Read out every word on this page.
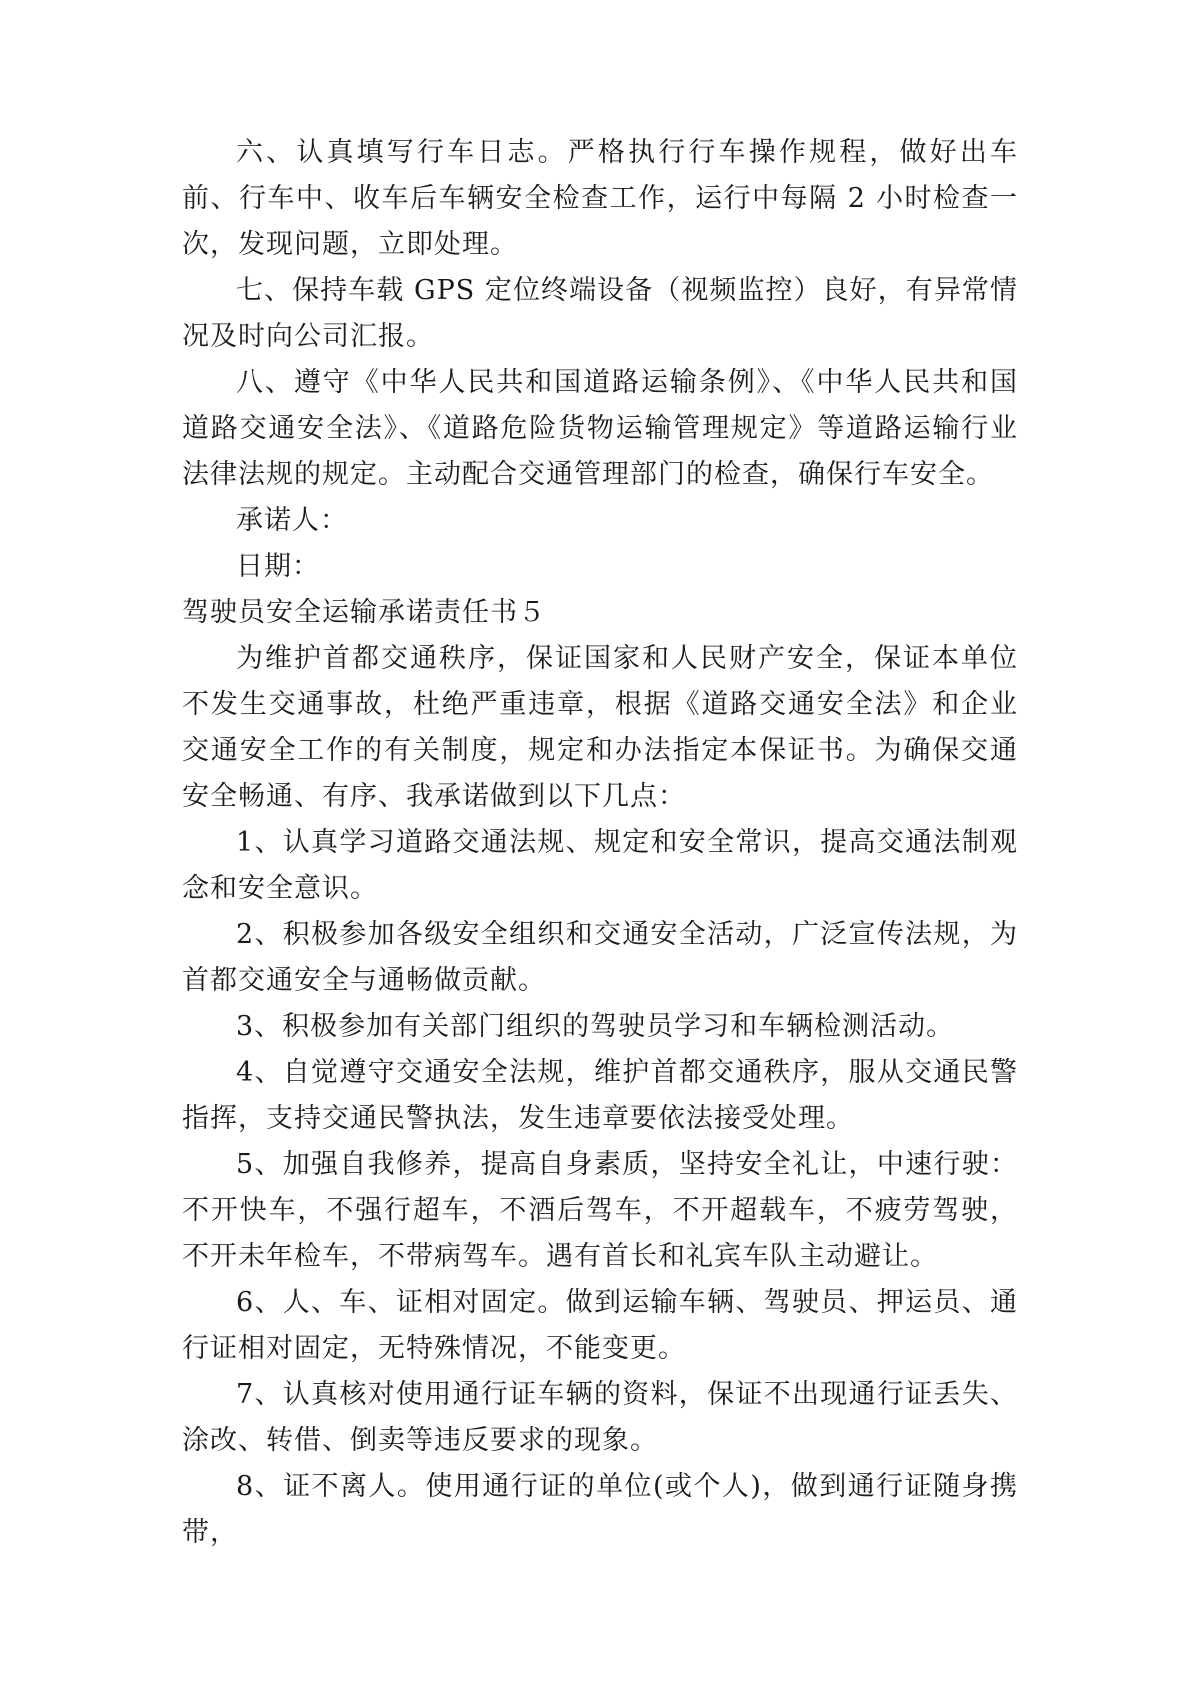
六、认真填写行车日志。严格执行行车操作规程，做好出车前、行车中、收车后车辆安全检查工作，运行中每隔 2 小时检查一次，发现问题，立即处理。

七、保持车载 GPS 定位终端设备（视频监控）良好，有异常情况及时向公司汇报。

八、遵守《中华人民共和国道路运输条例》、《中华人民共和国道路交通安全法》、《道路危险货物运输管理规定》等道路运输行业法律法规的规定。主动配合交通管理部门的检查，确保行车安全。

承诺人：

日期：

驾驶员安全运输承诺责任书５

为维护首都交通秩序，保证国家和人民财产安全，保证本单位不发生交通事故，杜绝严重违章，根据《道路交通安全法》和企业交通安全工作的有关制度，规定和办法指定本保证书。为确保交通安全畅通、有序、我承诺做到以下几点：

1、认真学习道路交通法规、规定和安全常识，提高交通法制观念和安全意识。

2、积极参加各级安全组织和交通安全活动，广泛宣传法规，为首都交通安全与通畅做贡献。

3、积极参加有关部门组织的驾驶员学习和车辆检测活动。

4、自觉遵守交通安全法规，维护首都交通秩序，服从交通民警指挥，支持交通民警执法，发生违章要依法接受处理。

5、加强自我修养，提高自身素质，坚持安全礼让，中速行驶：不开快车，不强行超车，不酒后驾车，不开超载车，不疲劳驾驶，不开未年检车，不带病驾车。遇有首长和礼宾车队主动避让。

6、人、车、证相对固定。做到运输车辆、驾驶员、押运员、通行证相对固定，无特殊情况，不能变更。

7、认真核对使用通行证车辆的资料，保证不出现通行证丢失、涂改、转借、倒卖等违反要求的现象。

8、证不离人。使用通行证的单位(或个人)，做到通行证随身携带，
